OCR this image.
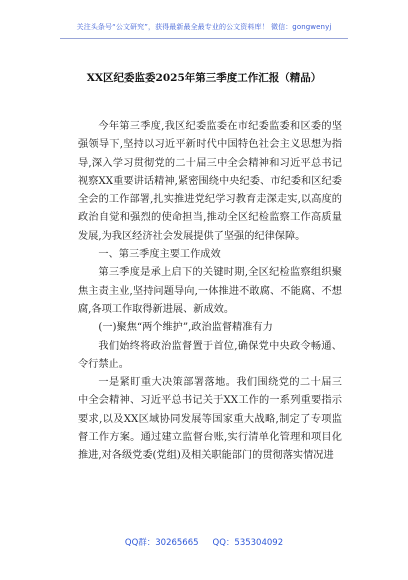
关注头条号“公文研究”，获得最新最全最专业的公文资料库！ 微信：gongwenyj
XX区纪委监委2025年第三季度工作汇报（精品）

今年第三季度,我区纪委监委在市纪委监委和区委的坚强领导下,坚持以习近平新时代中国特色社会主义思想为指导,深入学习贯彻党的二十届三中全会精神和习近平总书记视察XX重要讲话精神,紧密围绕中央纪委、市纪委和区纪委全会的工作部署,扎实推进党纪学习教育走深走实,以高度的政治自觉和强烈的使命担当,推动全区纪检监察工作高质量发展,为我区经济社会发展提供了坚强的纪律保障。

一、第三季度主要工作成效

第三季度是承上启下的关键时期,全区纪检监察组织聚焦主责主业,坚持问题导向,一体推进不敢腐、不能腐、不想腐,各项工作取得新进展、新成效。

(一)聚焦“两个维护”,政治监督精准有力

我们始终将政治监督置于首位,确保党中央政令畅通、令行禁止。

一是紧盯重大决策部署落地。我们围绕党的二十届三中全会精神、习近平总书记关于XX工作的一系列重要指示要求,以及XX区域协同发展等国家重大战略,制定了专项监督工作方案。通过建立监督台账,实行清单化管理和项目化推进,对各级党委(党组)及相关职能部门的贯彻落实情况进

QQ群：30265665 QQ：535304092
